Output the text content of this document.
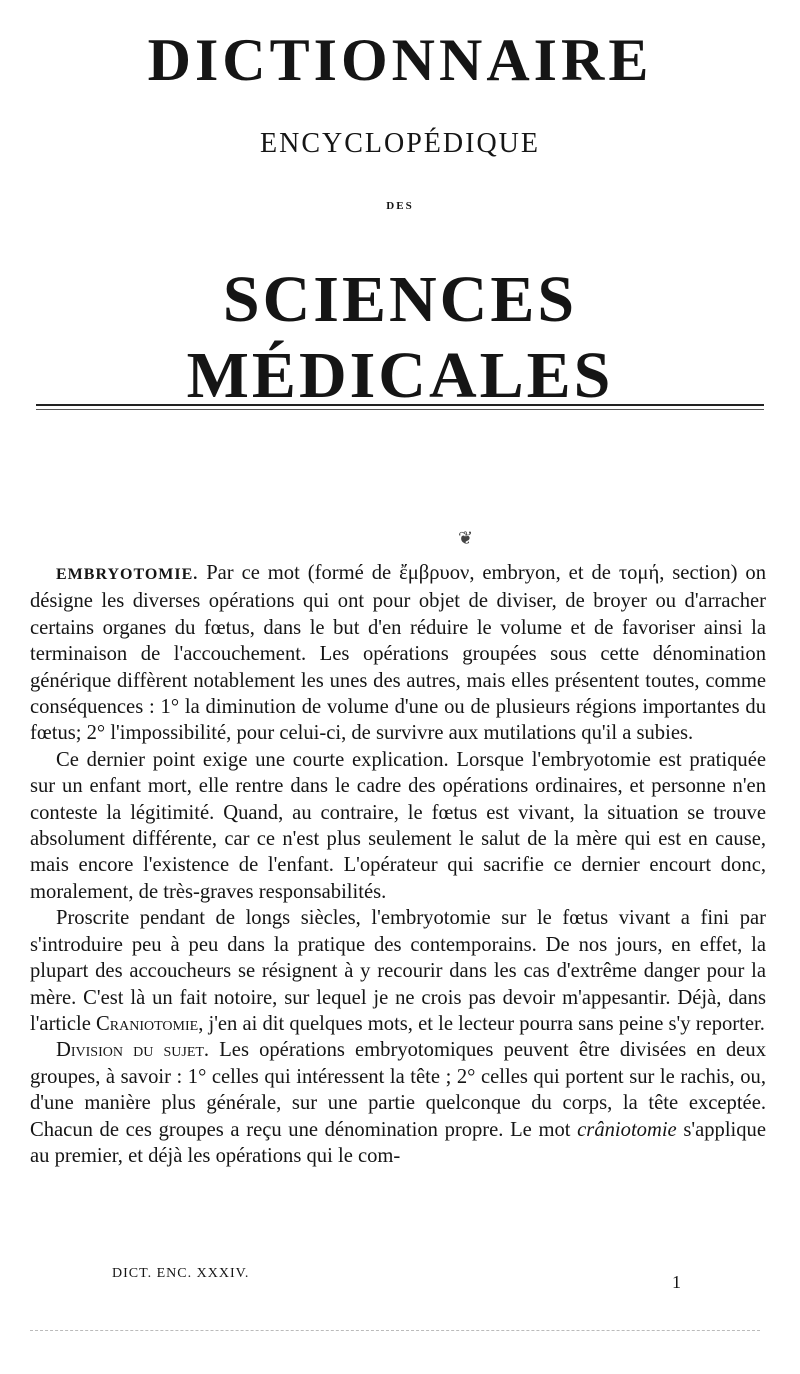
DICTIONNAIRE
ENCYCLOPÉDIQUE
DES
SCIENCES MÉDICALES
❦

EMBRYOTOMIE. Par ce mot (formé de ἔμβρυον, embryon, et de τομή, section) on désigne les diverses opérations qui ont pour objet de diviser, de broyer ou d'arracher certains organes du fœtus, dans le but d'en réduire le volume et de favoriser ainsi la terminaison de l'accouchement. Les opérations groupées sous cette dénomination générique diffèrent notablement les unes des autres, mais elles présentent toutes, comme conséquences : 1° la diminution de volume d'une ou de plusieurs régions importantes du fœtus; 2° l'impossibilité, pour celui-ci, de survivre aux mutilations qu'il a subies.

Ce dernier point exige une courte explication. Lorsque l'embryotomie est pratiquée sur un enfant mort, elle rentre dans le cadre des opérations ordinaires, et personne n'en conteste la légitimité. Quand, au contraire, le fœtus est vivant, la situation se trouve absolument différente, car ce n'est plus seulement le salut de la mère qui est en cause, mais encore l'existence de l'enfant. L'opérateur qui sacrifie ce dernier encourt donc, moralement, de très-graves responsabilités.

Proscrite pendant de longs siècles, l'embryotomie sur le fœtus vivant a fini par s'introduire peu à peu dans la pratique des contemporains. De nos jours, en effet, la plupart des accoucheurs se résignent à y recourir dans les cas d'extrême danger pour la mère. C'est là un fait notoire, sur lequel je ne crois pas devoir m'appesantir. Déjà, dans l'article Craniotomie, j'en ai dit quelques mots, et le lecteur pourra sans peine s'y reporter.

Division du sujet. Les opérations embryotomiques peuvent être divisées en deux groupes, à savoir : 1° celles qui intéressent la tête ; 2° celles qui portent sur le rachis, ou, d'une manière plus générale, sur une partie quelconque du corps, la tête exceptée. Chacun de ces groupes a reçu une dénomination propre. Le mot crâniotomie s'applique au premier, et déjà les opérations qui le com-

DICT. ENC. XXXIV.	1
